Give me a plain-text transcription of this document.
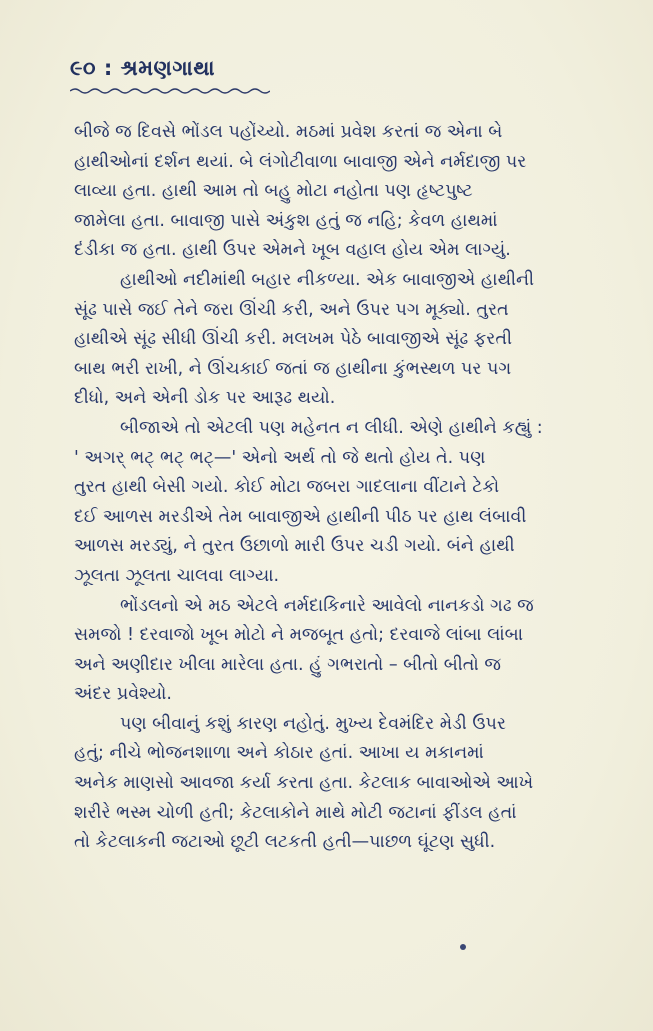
૯૦ : શ્રમણગાથા
બીજે જ દિવસે ભોંડલ પહોંચ્યો. મઠમાં પ્રવેશ કરતાં જ એના બે
હાથીઓનાં દર્શન થયાં. બે લંગોટીવાળા બાવાજી એને નર્મદાજી પર
લાવ્યા હતા. હાથી આમ તો બહુ મોટા નહોતા પણ હૃષ્ટપુષ્ટ
જામેલા હતા. બાવાજી પાસે અંકુશ હતું જ નહિ; કેવળ હાથમાં
દંડીકા જ હતા. હાથી ઉપર એમને ખૂબ વહાલ હોય એમ લાગ્યું.
હાથીઓ નદીમાંથી બહાર નીકળ્યા. એક બાવાજીએ હાથીની
સૂંઢ પાસે જઈ તેને જરા ઊંચી કરી, અને ઉપર પગ મૂક્યો. તુરત
હાથીએ સૂંઢ સીધી ઊંચી કરી. મલખમ પેઠે બાવાજીએ સૂંઢ ફરતી
બાથ ભરી રાખી, ને ઊંચકાઈ જતાં જ હાથીના કુંભસ્થળ પર પગ
દીધો, અને એની ડોક પર આરૂઢ થયો.
બીજાએ તો એટલી પણ મહેનત ન લીધી. એણે હાથીને કહ્યું :
' અગર્ ભટ્ ભટ્ ભટ્—' એનો અર્થ તો જે થતો હોય તે. પણ
તુરત હાથી બેસી ગયો. કોઈ મોટા જબરા ગાદલાના વીંટાને ટેકો
દઈ આળસ મરડીએ તેમ બાવાજીએ હાથીની પીઠ પર હાથ લંબાવી
આળસ મરડ્યું, ને તુરત ઉછાળો મારી ઉપર ચડી ગયો. બંને હાથી
ઝૂલતા ઝૂલતા ચાલવા લાગ્યા.
ભોંડલનો એ મઠ એટલે નર્મદાકિનારે આવેલો નાનકડો ગઢ જ
સમજો ! દરવાજો ખૂબ મોટો ને મજબૂત હતો; દરવાજે લાંબા લાંબા
અને અણીદાર ખીલા મારેલા હતા. હું ગભરાતો – બીતો બીતો જ
અંદર પ્રવેશ્યો.
પણ બીવાનું કશું કારણ નહોતું. મુખ્ય દેવમંદિર મેડી ઉપર
હતું; નીચે ભોજનશાળા અને કોઠાર હતાં. આખા ય મકાનમાં
અનેક માણસો આવજા કર્યા કરતા હતા. કેટલાક બાવાઓએ આખે
શરીરે ભસ્મ ચોળી હતી; કેટલાકોને માથે મોટી જટાનાં ફીંડલ હતાં
તો કેટલાકની જટાઓ છૂટી લટકતી હતી—પાછળ ઘૂંટણ સુધી.
